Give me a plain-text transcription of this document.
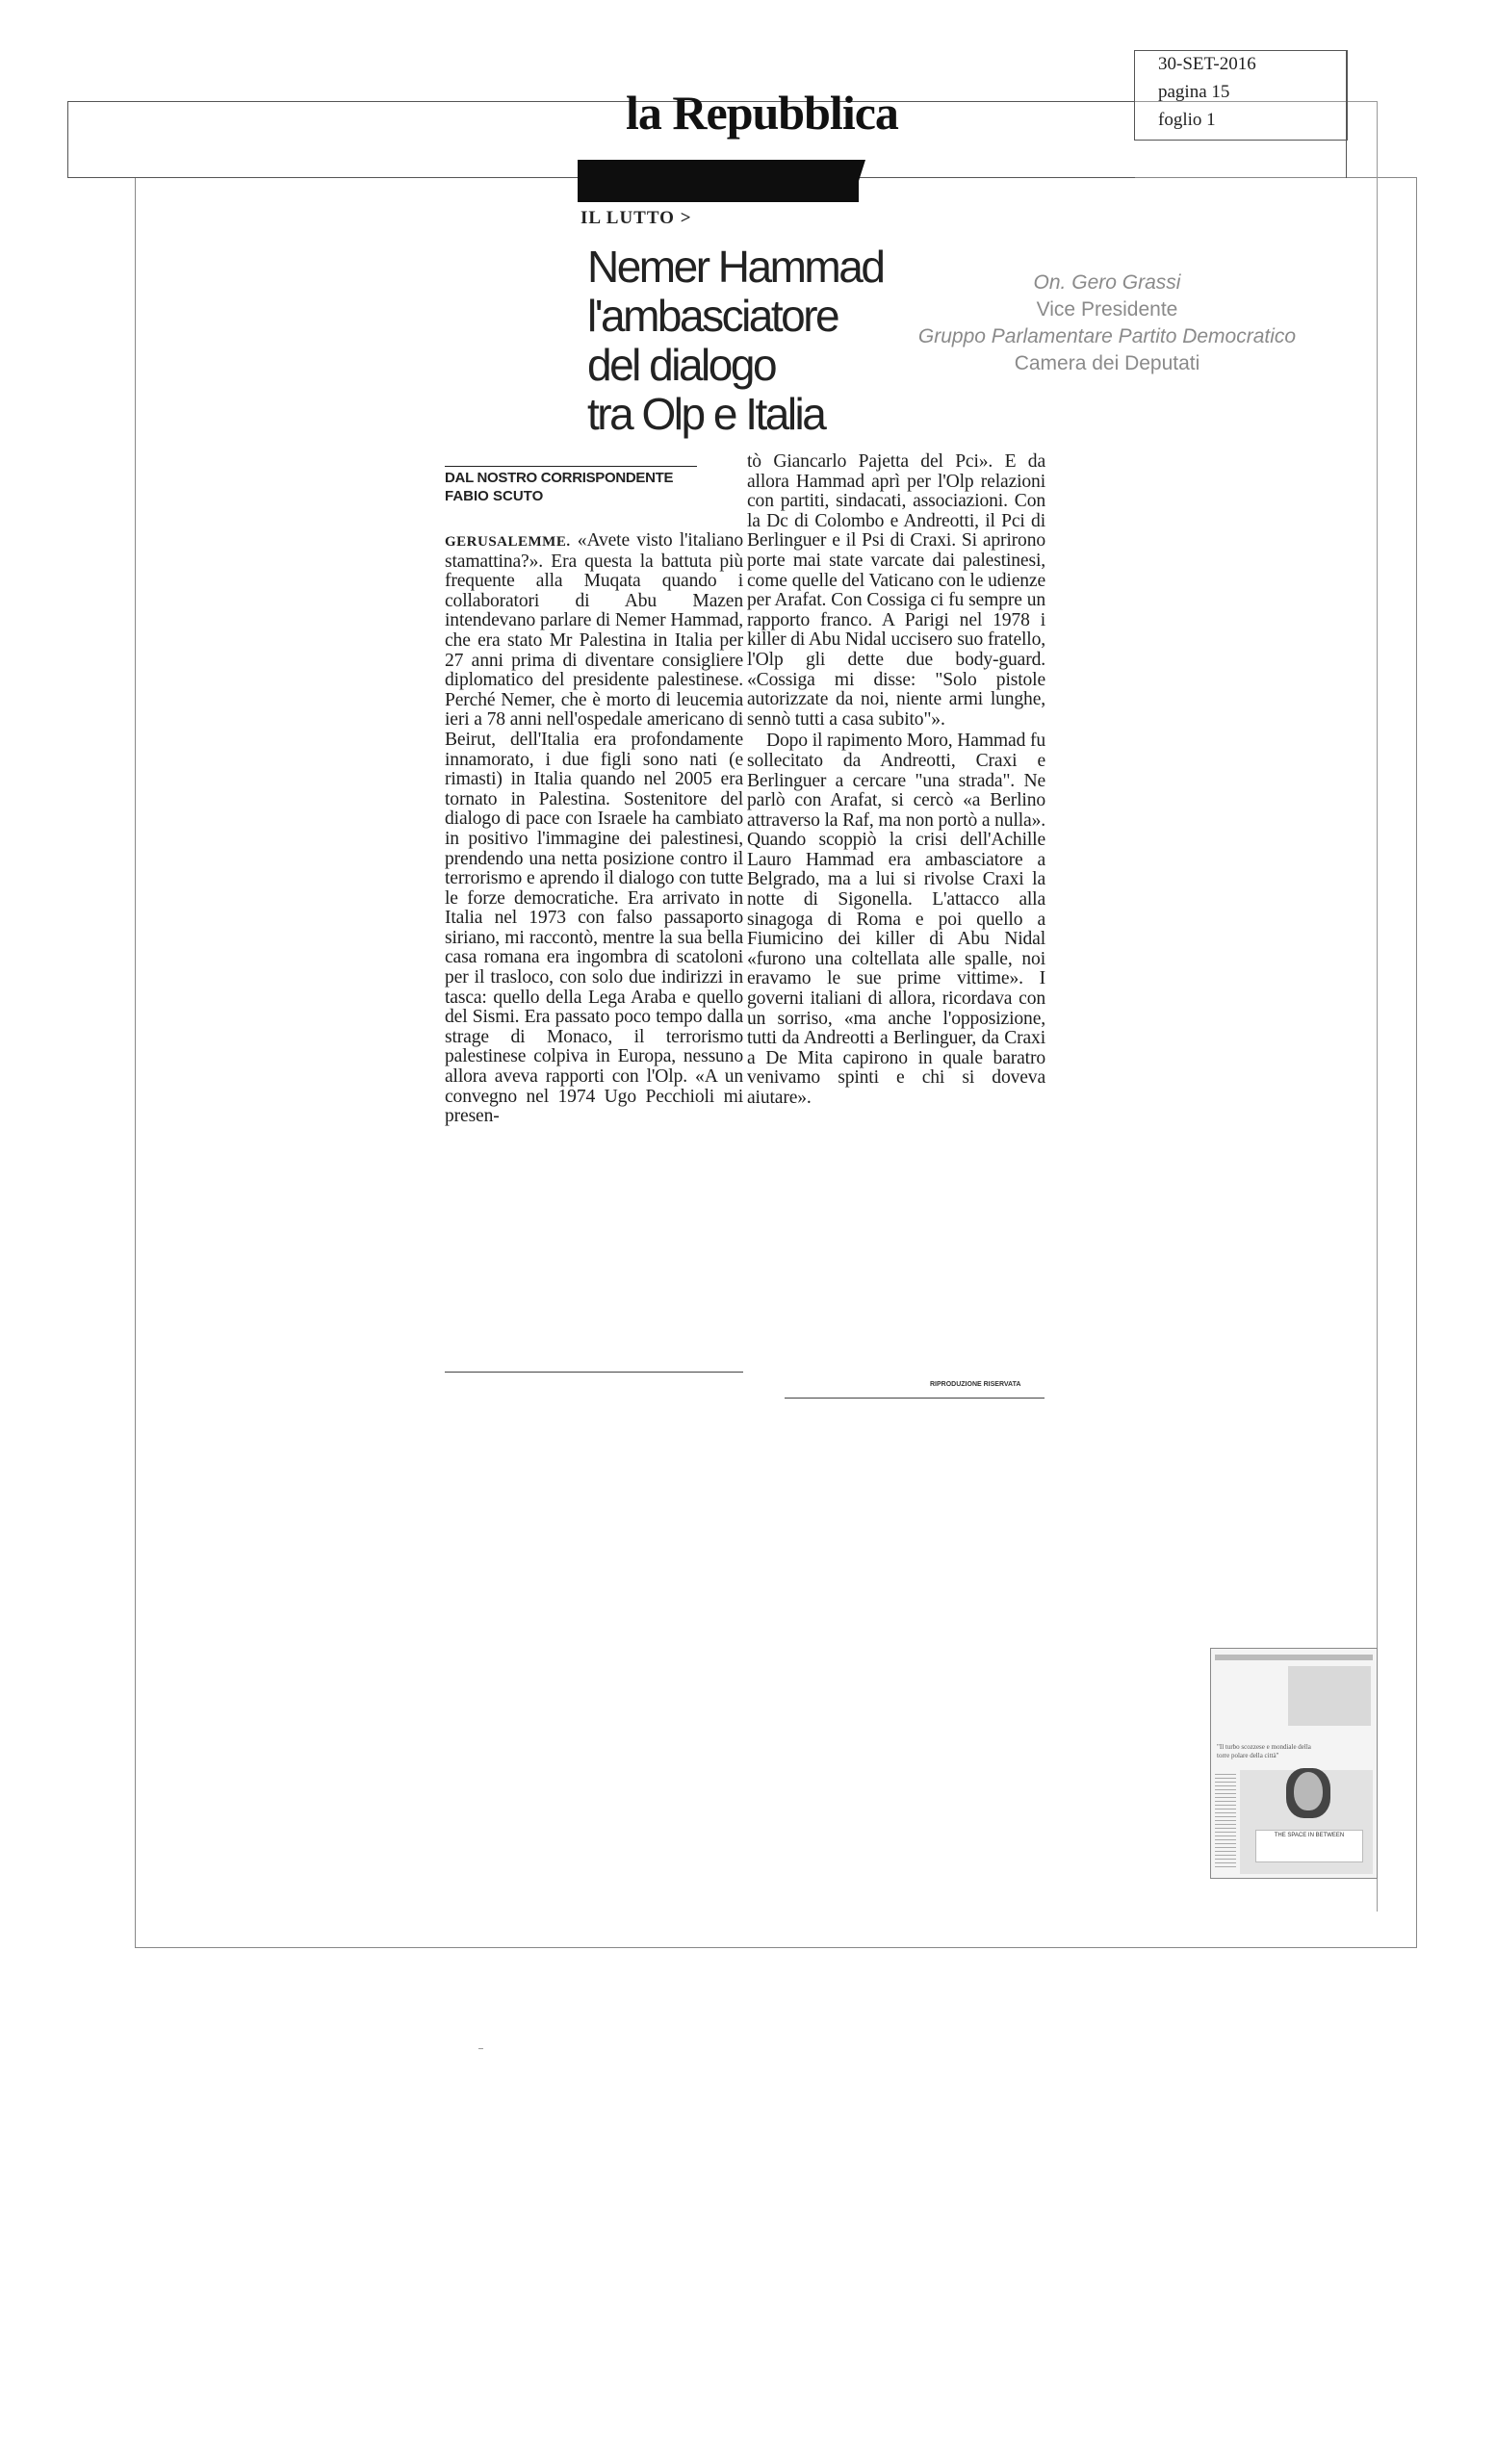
la Repubblica
30-SET-2016
pagina 15
foglio 1
IL LUTTO >
Nemer Hammad
l'ambasciatore
del dialogo
tra Olp e Italia
On. Gero Grassi
Vice Presidente
Gruppo Parlamentare Partito Democratico
Camera dei Deputati
DAL NOSTRO CORRISPONDENTE
FABIO SCUTO

GERUSALEMME. «Avete visto l'italiano stamattina?». Era questa la battuta più frequente alla Muqata quando i collaboratori di Abu Mazen intendevano parlare di Nemer Hammad, che era stato Mr Palestina in Italia per 27 anni prima di diventare consigliere diplomatico del presidente palestinese. Perché Nemer, che è morto di leucemia ieri a 78 anni nell'ospedale americano di Beirut, dell'Italia era profondamente innamorato, i due figli sono nati (e rimasti) in Italia quando nel 2005 era tornato in Palestina. Sostenitore del dialogo di pace con Israele ha cambiato in positivo l'immagine dei palestinesi, prendendo una netta posizione contro il terrorismo e aprendo il dialogo con tutte le forze democratiche. Era arrivato in Italia nel 1973 con falso passaporto siriano, mi raccontò, mentre la sua bella casa romana era ingombra di scatoloni per il trasloco, con solo due indirizzi in tasca: quello della Lega Araba e quello del Sismi. Era passato poco tempo dalla strage di Monaco, il terrorismo palestinese colpiva in Europa, nessuno allora aveva rapporti con l'Olp. «A un convegno nel 1974 Ugo Pecchioli mi presen-

tò Giancarlo Pajetta del Pci». E da allora Hammad aprì per l'Olp relazioni con partiti, sindacati, associazioni. Con la Dc di Colombo e Andreotti, il Pci di Berlinguer e il Psi di Craxi. Si aprirono porte mai state varcate dai palestinesi, come quelle del Vaticano con le udienze per Arafat. Con Cossiga ci fu sempre un rapporto franco. A Parigi nel 1978 i killer di Abu Nidal uccisero suo fratello, l'Olp gli dette due body-guard. «Cossiga mi disse: "Solo pistole autorizzate da noi, niente armi lunghe, sennò tutti a casa subito"».

Dopo il rapimento Moro, Hammad fu sollecitato da Andreotti, Craxi e Berlinguer a cercare "una strada". Ne parlò con Arafat, si cercò «a Berlino attraverso la Raf, ma non portò a nulla». Quando scoppiò la crisi dell'Achille Lauro Hammad era ambasciatore a Belgrado, ma a lui si rivolse Craxi la notte di Sigonella. L'attacco alla sinagoga di Roma e poi quello a Fiumicino dei killer di Abu Nidal «furono una coltellata alle spalle, noi eravamo le sue prime vittime». I governi italiani di allora, ricordava con un sorriso, «ma anche l'opposizione, tutti da Andreotti a Berlinguer, da Craxi a De Mita capirono in quale baratro venivamo spinti e chi si doveva aiutare».

RIPRODUZIONE RISERVATA
"Il turbo scozzese e mondiale della torre polare della città"
THE SPACE IN BETWEEN
